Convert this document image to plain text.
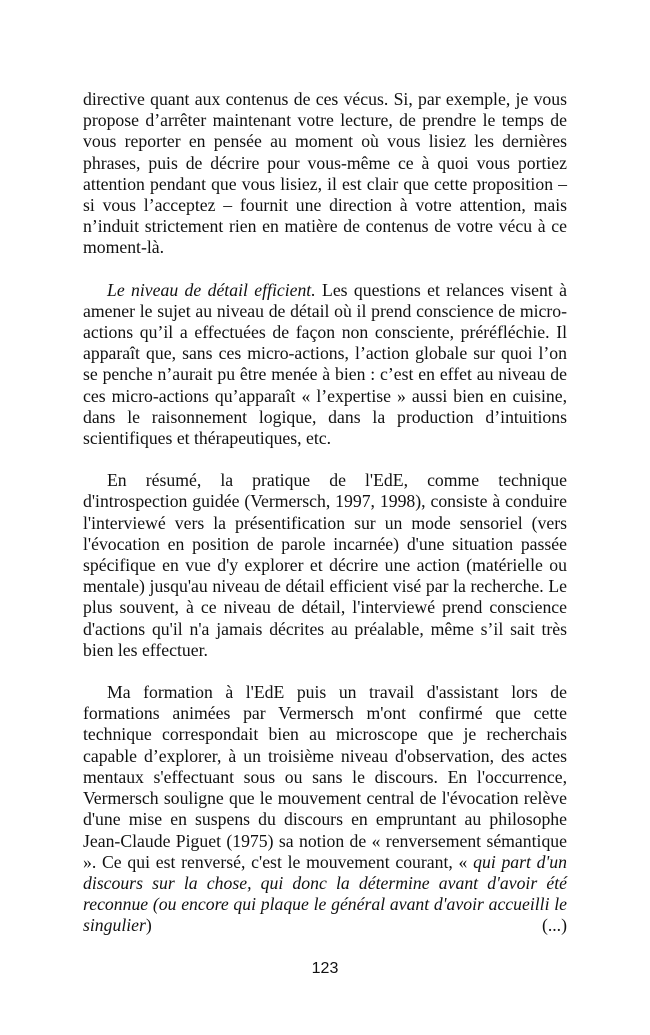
directive quant aux contenus de ces vécus. Si, par exemple, je vous propose d’arrêter maintenant votre lecture, de prendre le temps de vous reporter en pensée au moment où vous lisiez les dernières phrases, puis de décrire pour vous-même ce à quoi vous portiez attention pendant que vous lisiez, il est clair que cette proposition – si vous l’acceptez – fournit une direction à votre attention, mais n’induit strictement rien en matière de contenus de votre vécu à ce moment-là.

Le niveau de détail efficient. Les questions et relances visent à amener le sujet au niveau de détail où il prend conscience de micro-actions qu’il a effectuées de façon non consciente, préréfléchie. Il apparaît que, sans ces micro-actions, l’action globale sur quoi l’on se penche n’aurait pu être menée à bien : c’est en effet au niveau de ces micro-actions qu’apparaît « l’expertise » aussi bien en cuisine, dans le raisonnement logique, dans la production d’intuitions scientifiques et thérapeutiques, etc.

En résumé, la pratique de l'EdE, comme technique d'introspection guidée (Vermersch, 1997, 1998), consiste à conduire l'interviewé vers la présentification sur un mode sensoriel (vers l'évocation en position de parole incarnée) d'une situation passée spécifique en vue d'y explorer et décrire une action (matérielle ou mentale) jusqu'au niveau de détail efficient visé par la recherche. Le plus souvent, à ce niveau de détail, l'interviewé prend conscience d'actions qu'il n'a jamais décrites au préalable, même s’il sait très bien les effectuer.

Ma formation à l'EdE puis un travail d'assistant lors de formations animées par Vermersch m'ont confirmé que cette technique correspondait bien au microscope que je recherchais capable d’explorer, à un troisième niveau d'observation, des actes mentaux s'effectuant sous ou sans le discours. En l'occurrence, Vermersch souligne que le mouvement central de l'évocation relève d'une mise en suspens du discours en empruntant au philosophe Jean-Claude Piguet (1975) sa notion de « renversement sémantique ». Ce qui est renversé, c'est le mouvement courant, « qui part d'un discours sur la chose, qui donc la détermine avant d'avoir été reconnue (ou encore qui plaque le général avant d'avoir accueilli le singulier) (...)

123
